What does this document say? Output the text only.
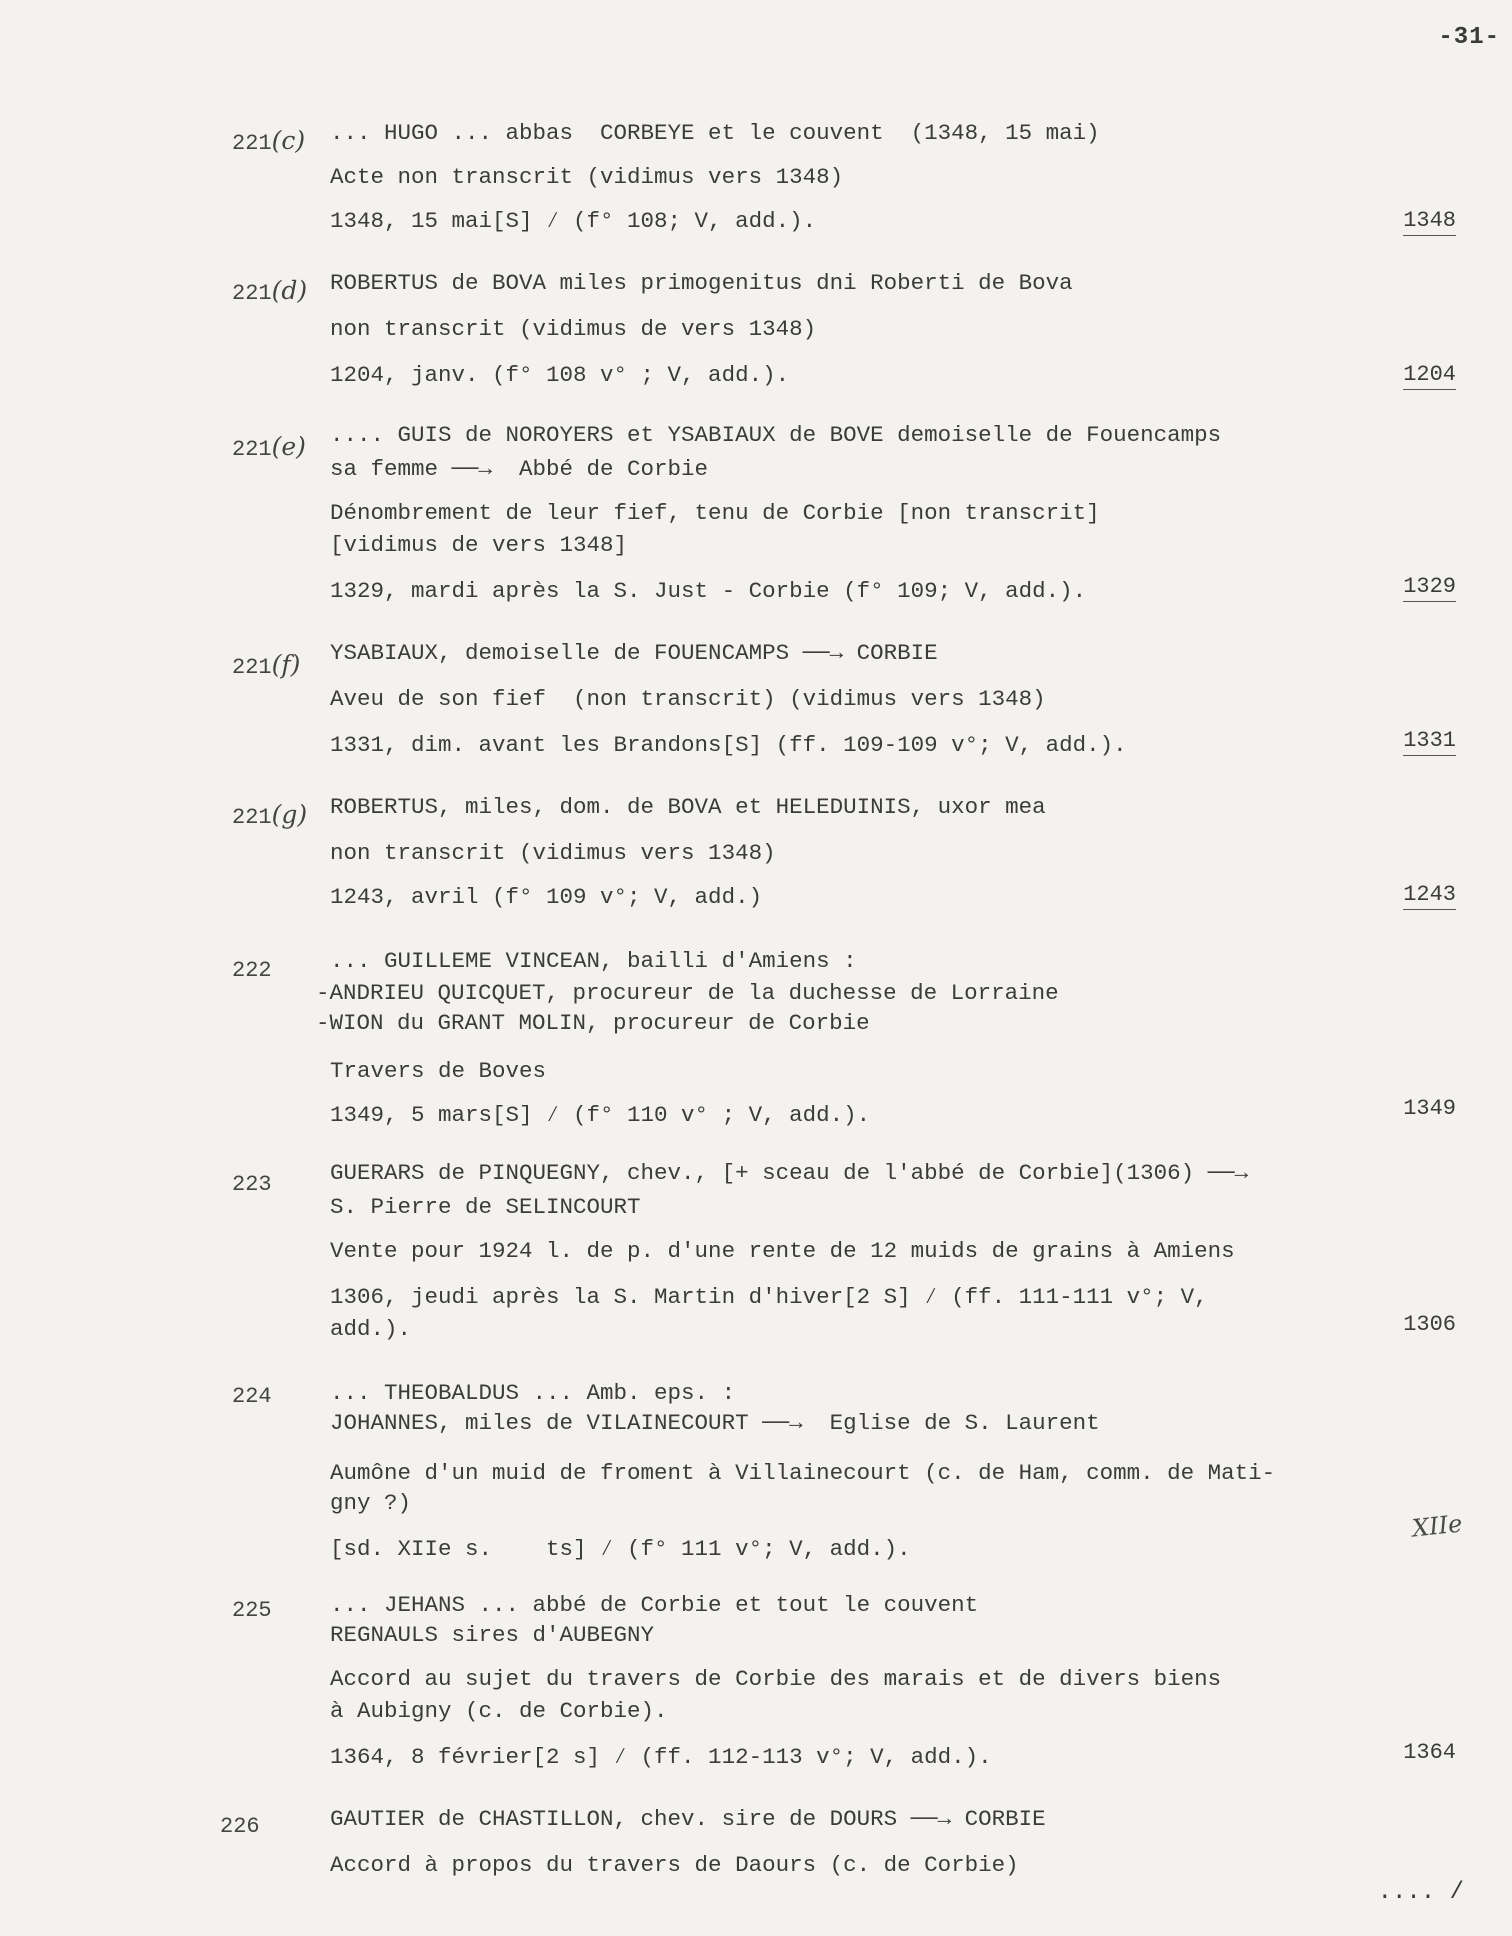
-31-
221(c) ... HUGO ... abbas  CORBEYE et le couvent  (1348, 15 mai)
Acte non transcrit (vidimus vers 1348)
1348, 15 mai[S] ∕ (f° 108; V, add.).	1348
221(d) ROBERTUS de BOVA miles primogenitus dni Roberti de Bova
non transcrit (vidimus de vers 1348)
1204, janv. (f° 108 v° ; V, add.).	1204
221(e) .... GUIS de NOROYERS et YSABIAUX de BOVE demoiselle de Fouencamps
sa femme ──→  Abbé de Corbie
Dénombrement de leur fief, tenu de Corbie [non transcrit]
[vidimus de vers 1348]
1329, mardi après la S. Just - Corbie (f° 109; V, add.).	1329
221(f) YSABIAUX, demoiselle de FOUENCAMPS ──→ CORBIE
Aveu de son fief  (non transcrit) (vidimus vers 1348)
1331, dim. avant les Brandons[S] (ff. 109-109 v°; V, add.).	1331
221(g) ROBERTUS, miles, dom. de BOVA et HELEDUINIS, uxor mea
non transcrit (vidimus vers 1348)
1243, avril (f° 109 v°; V, add.)	1243
222	... GUILLEME VINCEAN, bailli d'Amiens :
-ANDRIEU QUICQUET, procureur de la duchesse de Lorraine
-WION du GRANT MOLIN, procureur de Corbie
Travers de Boves
1349, 5 mars[S] ∕ (f° 110 v° ; V, add.).	1349
223	GUERARS de PINQUEGNY, chev., [+ sceau de l'abbé de Corbie](1306) ──→
S. Pierre de SELINCOURT
Vente pour 1924 l. de p. d'une rente de 12 muids de grains à Amiens
1306, jeudi après la S. Martin d'hiver[2 S] ∕ (ff. 111-111 v°; V,
add.).	1306
224	... THEOBALDUS ... Amb. eps. :
JOHANNES, miles de VILAINECOURT ──→  Eglise de S. Laurent
Aumône d'un muid de froment à Villainecourt (c. de Ham, comm. de Mati-
gny ?)
[sd. XIIe s.    ts] ∕ (f° 111 v°; V, add.).
XIIe
225	... JEHANS ... abbé de Corbie et tout le couvent
REGNAULS sires d'AUBEGNY
Accord au sujet du travers de Corbie des marais et de divers biens
à Aubigny (c. de Corbie).
1364, 8 février[2 s] ∕ (ff. 112-113 v°; V, add.).	1364
226	GAUTIER de CHASTILLON, chev. sire de DOURS ──→ CORBIE
Accord à propos du travers de Daours (c. de Corbie)
.... /
